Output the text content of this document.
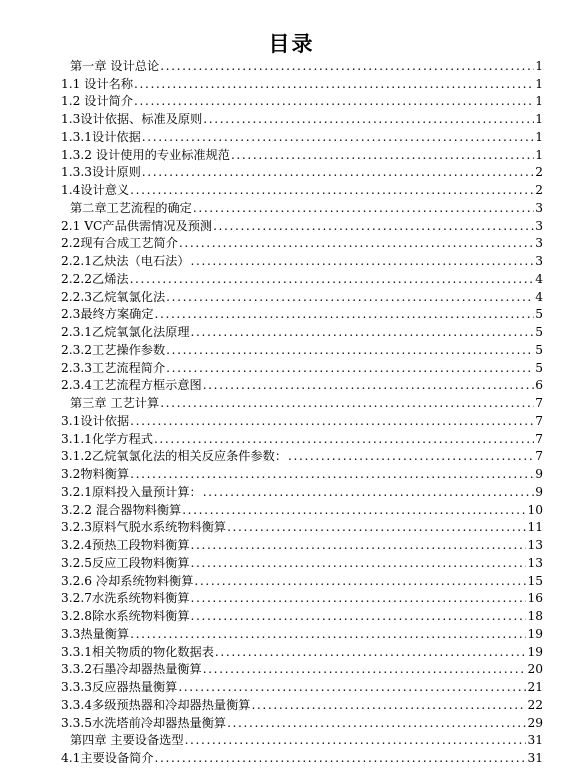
目录
第一章 设计总论 .....	1
1.1 设计名称 .....	1
1.2 设计简介 .....	1
1.3设计依据、标准及原则 .....	1
1.3.1设计依据 .....	1
1.3.2 设计使用的专业标准规范 .....	1
1.3.3设计原则 .....	2
1.4设计意义 .....	2
第二章工艺流程的确定 .....	3
2.1 VC产品供需情况及预测 .....	3
2.2现有合成工艺简介 .....	3
2.2.1乙炔法（电石法） .....	3
2.2.2乙烯法 .....	4
2.2.3乙烷氧氯化法 .....	4
2.3最终方案确定 .....	5
2.3.1乙烷氧氯化法原理 .....	5
2.3.2工艺操作参数 .....	5
2.3.3工艺流程简介 .....	5
2.3.4工艺流程方框示意图 .....	6
第三章 工艺计算 .....	7
3.1设计依据 .....	7
3.1.1化学方程式 .....	7
3.1.2乙烷氧氯化法的相关反应条件参数： .....	7
3.2物料衡算 .....	9
3.2.1原料投入量预计算： .....	9
3.2.2 混合器物料衡算 .....	10
3.2.3原料气脱水系统物料衡算 .....	11
3.2.4预热工段物料衡算 .....	13
3.2.5反应工段物料衡算 .....	13
3.2.6 冷却系统物料衡算 .....	15
3.2.7水洗系统物料衡算 .....	16
3.2.8除水系统物料衡算 .....	18
3.3热量衡算 .....	19
3.3.1相关物质的物化数据表 .....	19
3.3.2石墨冷却器热量衡算 .....	20
3.3.3反应器热量衡算 .....	21
3.3.4多级预热器和冷却器热量衡算 .....	22
3.3.5水洗塔前冷却器热量衡算 .....	29
第四章 主要设备选型 .....	31
4.1主要设备简介 .....	31
